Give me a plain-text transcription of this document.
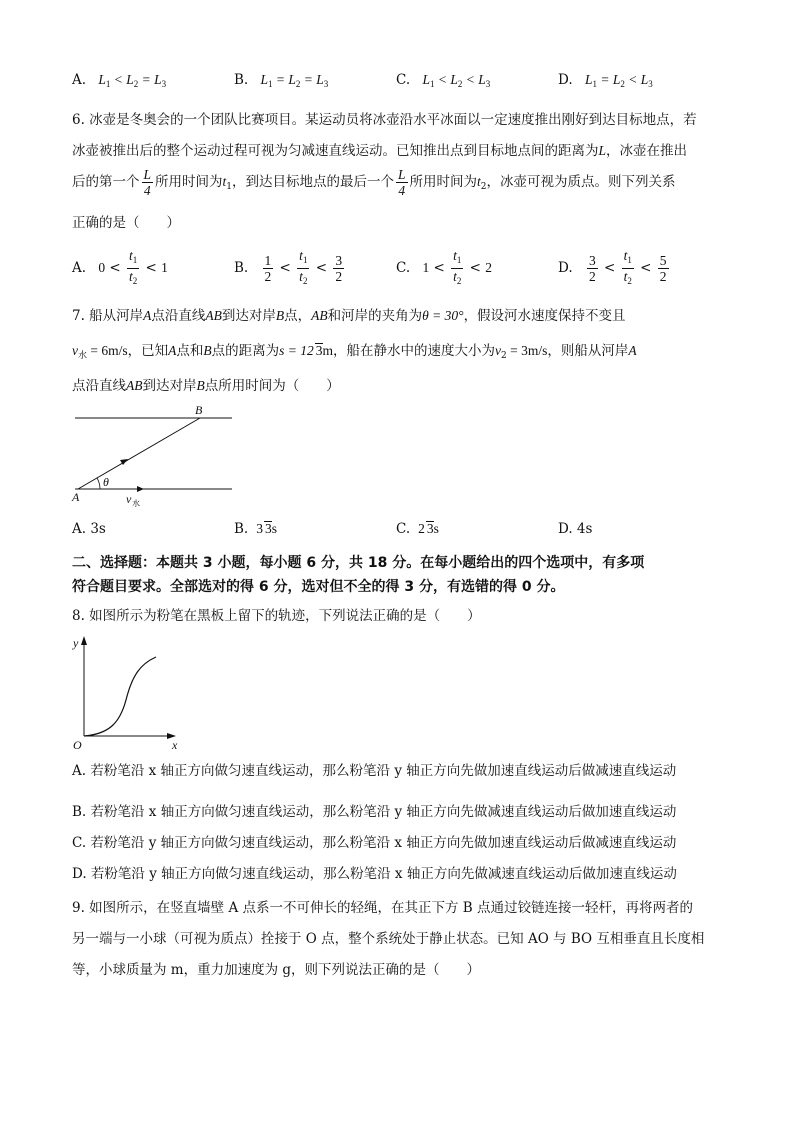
A. $L_1 < L_2 = L_3$	B. $L_1 = L_2 = L_3$	C. $L_1 < L_2 < L_3$	D. $L_1 = L_2 < L_3$
6. 冰壶是冬奥会的一个团队比赛项目。某运动员将冰壶沿水平冰面以一定速度推出刚好到达目标地点，若
冰壶被推出后的整个运动过程可视为匀减速直线运动。已知推出点到目标地点间的距离为L，冰壶在推出
后的第一个 $\frac{L}{4}$ 所用时间为$t_1$，到达目标地点的最后一个 $\frac{L}{4}$ 所用时间为$t_2$，冰壶可视为质点。则下列关系
正确的是（　　）
A. $0 < \frac{t_1}{t_2} < 1$	B. $\frac{1}{2} < \frac{t_1}{t_2} < \frac{3}{2}$	C. $1 < \frac{t_1}{t_2} < 2$	D. $\frac{3}{2} < \frac{t_1}{t_2} < \frac{5}{2}$
7. 船从河岸A点沿直线AB到达对岸B点，AB和河岸的夹角为θ = 30°，假设河水速度保持不变且
$v_水 = 6m/s$，已知A点和B点的距离为s = 12 3m，船在静水中的速度大小为$v_2 = 3m/s$，则船从河岸A
点沿直线AB到达对岸B点所用时间为（　　）
B
A
θ
v 水
A. 3s	B. 3 3s	C. 2 3s	D. 4s
二、选择题：本题共 3 小题，每小题 6 分，共 18 分。在每小题给出的四个选项中，有多项
符合题目要求。全部选对的得 6 分，选对但不全的得 3 分，有选错的得 0 分。
8. 如图所示为粉笔在黑板上留下的轨迹，下列说法正确的是（　　）
y
x
O
A. 若粉笔沿 x 轴正方向做匀速直线运动，那么粉笔沿 y 轴正方向先做加速直线运动后做减速直线运动
B. 若粉笔沿 x 轴正方向做匀速直线运动，那么粉笔沿 y 轴正方向先做减速直线运动后做加速直线运动
C. 若粉笔沿 y 轴正方向做匀速直线运动，那么粉笔沿 x 轴正方向先做加速直线运动后做减速直线运动
D. 若粉笔沿 y 轴正方向做匀速直线运动，那么粉笔沿 x 轴正方向先做减速直线运动后做加速直线运动
9. 如图所示，在竖直墙壁 A 点系一不可伸长的轻绳，在其正下方 B 点通过铰链连接一轻杆，再将两者的
另一端与一小球（可视为质点）拴接于 O 点，整个系统处于静止状态。已知 AO 与 BO 互相垂直且长度相
等，小球质量为 m，重力加速度为 g，则下列说法正确的是（　　）
